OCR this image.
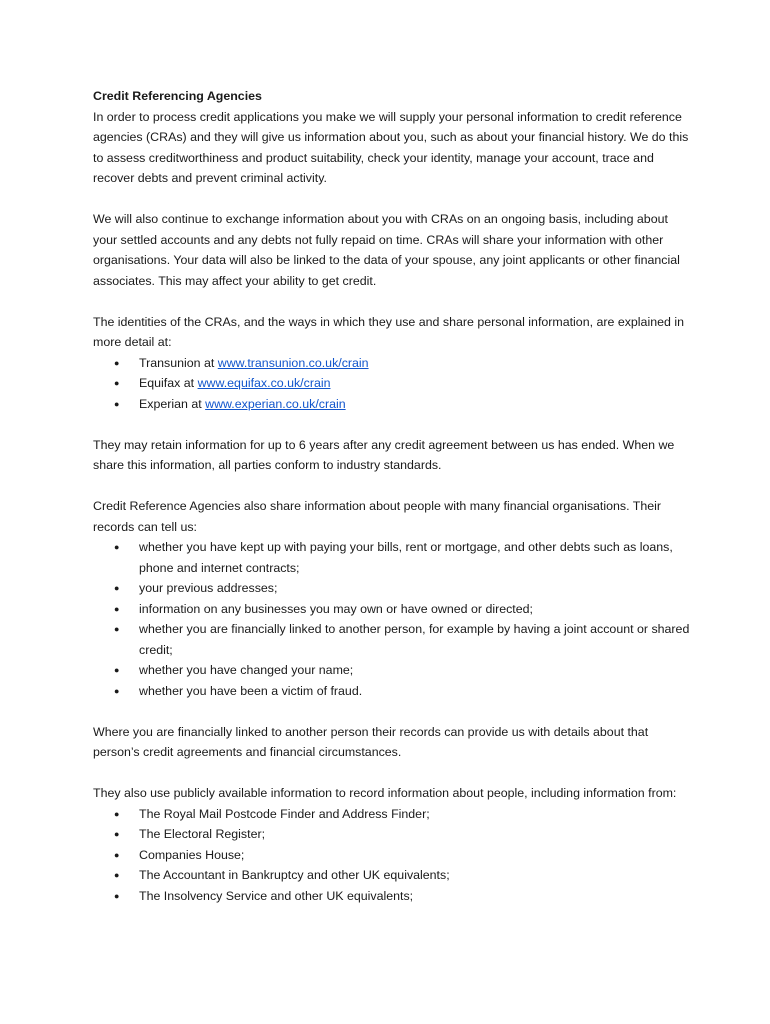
Credit Referencing Agencies

In order to process credit applications you make we will supply your personal information to credit reference agencies (CRAs) and they will give us information about you, such as about your financial history. We do this to assess creditworthiness and product suitability, check your identity, manage your account, trace and recover debts and prevent criminal activity.

We will also continue to exchange information about you with CRAs on an ongoing basis, including about your settled accounts and any debts not fully repaid on time. CRAs will share your information with other organisations. Your data will also be linked to the data of your spouse, any joint applicants or other financial associates. This may affect your ability to get credit.

The identities of the CRAs, and the ways in which they use and share personal information, are explained in more detail at:

● Transunion at www.transunion.co.uk/crain
● Equifax at www.equifax.co.uk/crain
● Experian at www.experian.co.uk/crain

They may retain information for up to 6 years after any credit agreement between us has ended. When we share this information, all parties conform to industry standards.

Credit Reference Agencies also share information about people with many financial organisations. Their records can tell us:

● whether you have kept up with paying your bills, rent or mortgage, and other debts such as loans, phone and internet contracts;
● your previous addresses;
● information on any businesses you may own or have owned or directed;
● whether you are financially linked to another person, for example by having a joint account or shared credit;
● whether you have changed your name;
● whether you have been a victim of fraud.

Where you are financially linked to another person their records can provide us with details about that person’s credit agreements and financial circumstances.

They also use publicly available information to record information about people, including information from:

● The Royal Mail Postcode Finder and Address Finder;
● The Electoral Register;
● Companies House;
● The Accountant in Bankruptcy and other UK equivalents;
● The Insolvency Service and other UK equivalents;
